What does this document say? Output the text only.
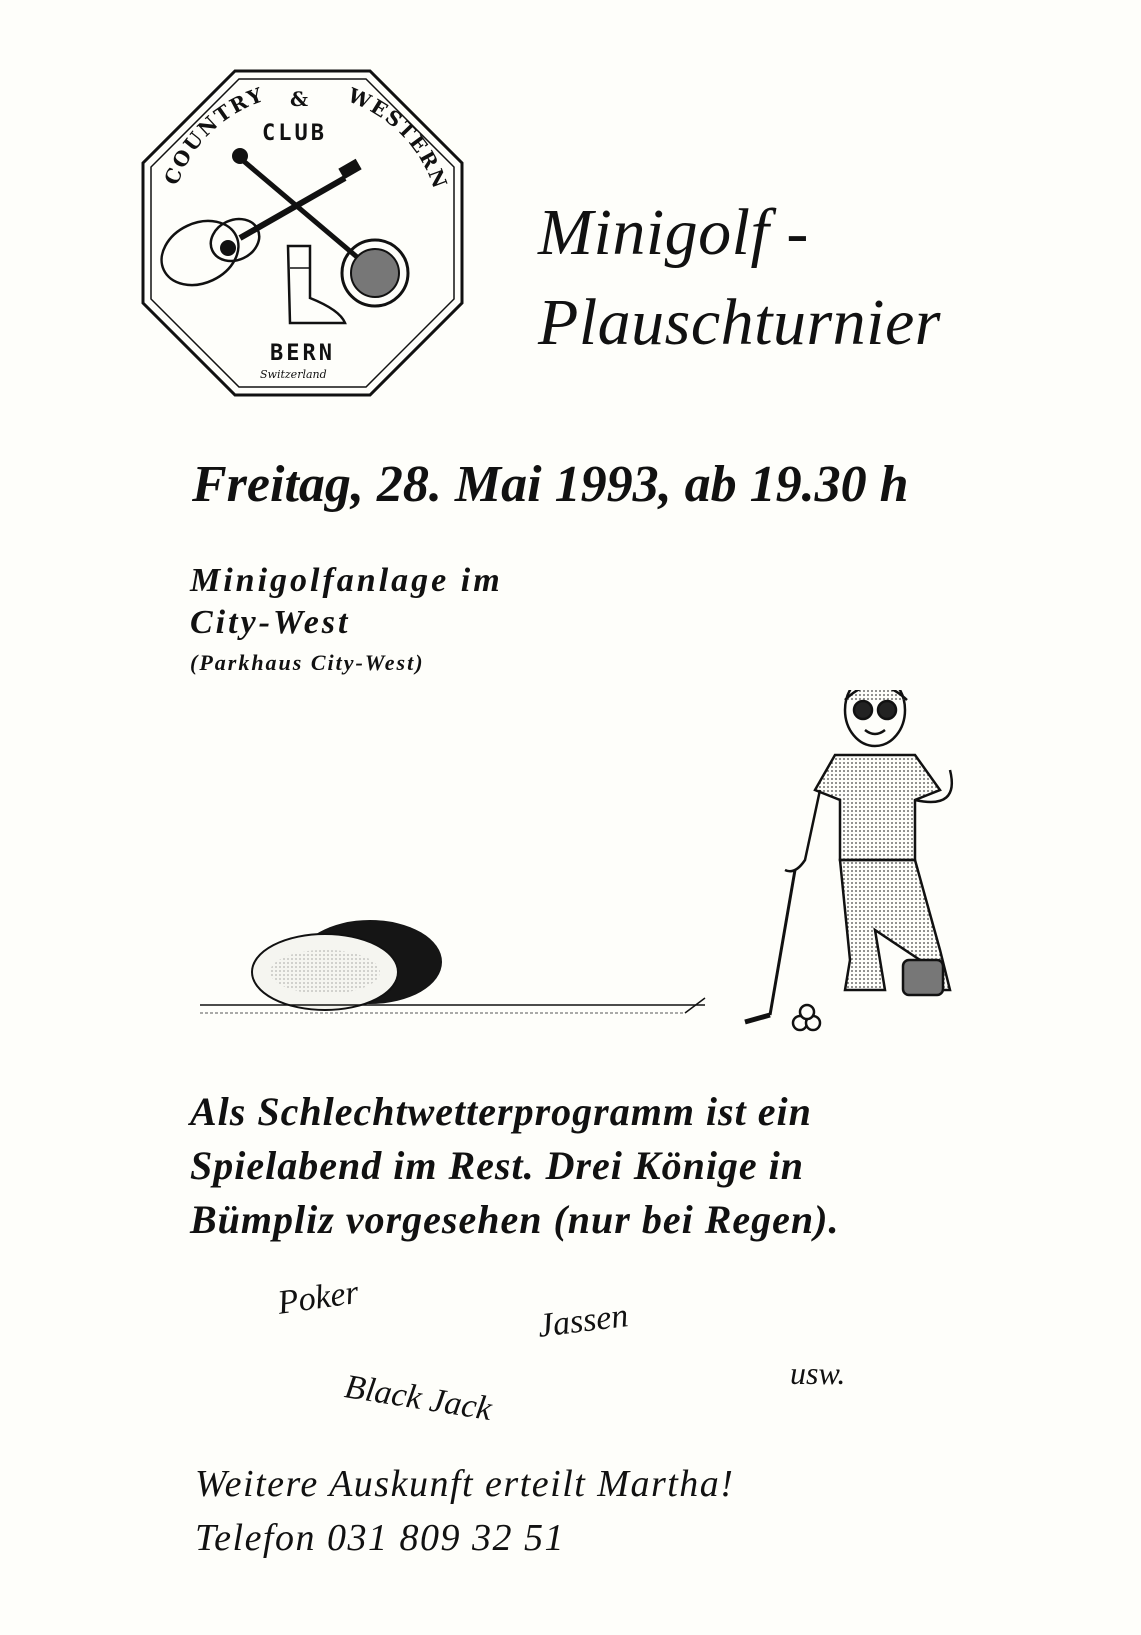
COUNTRY & WESTERN
CLUB
BERN
Switzerland
Minigolf -
Plauschturnier
Freitag, 28. Mai 1993, ab 19.30 h
Minigolfanlage im
City-West
(Parkhaus City-West)
Als Schlechtwetterprogramm ist ein
Spielabend im Rest. Drei Könige in
Bümpliz vorgesehen (nur bei Regen).
Poker	Jassen
Black Jack	usw.
Weitere Auskunft erteilt Martha!
Telefon 031 809 32 51
